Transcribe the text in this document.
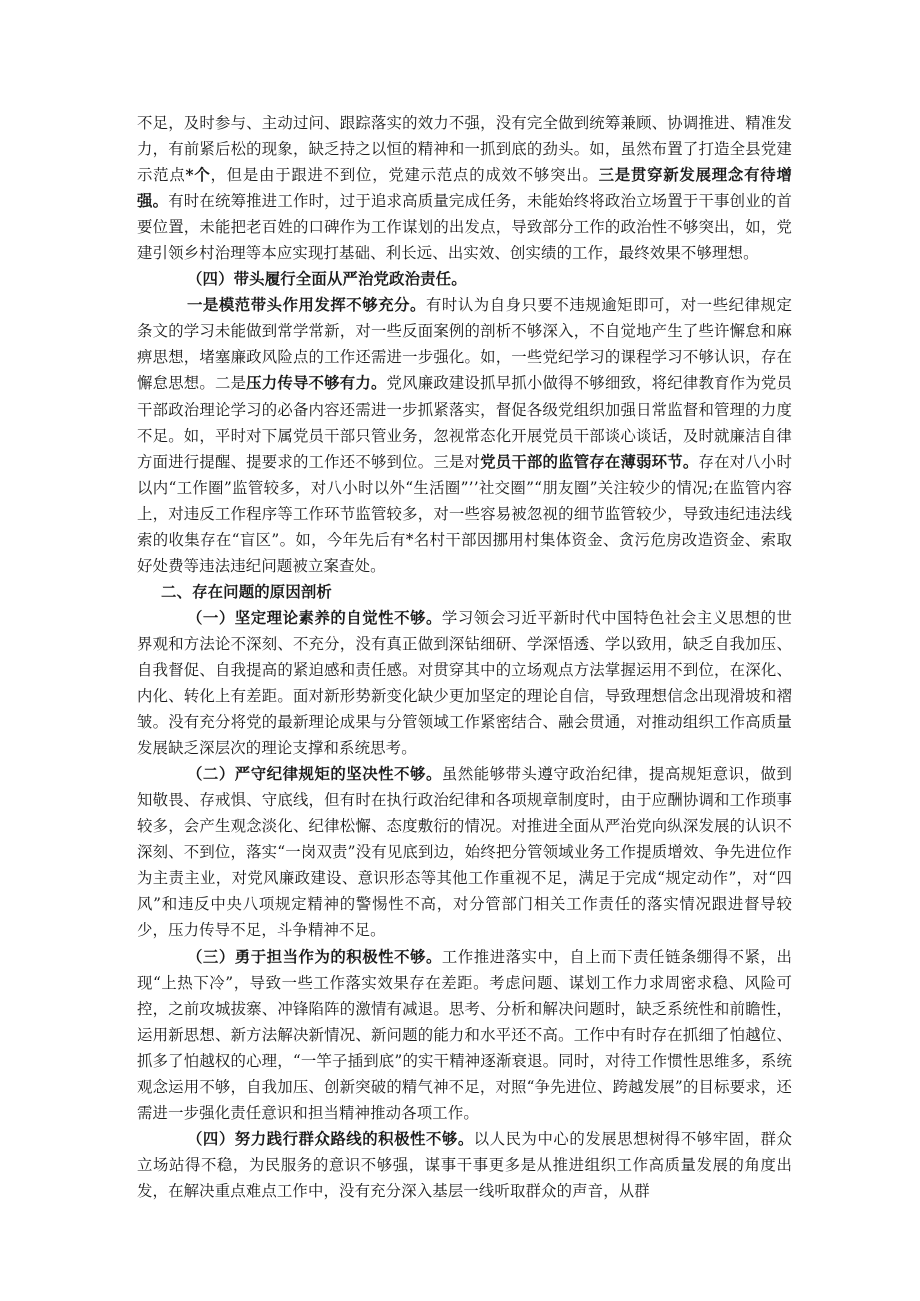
不足，及时参与、主动过问、跟踪落实的效力不强，没有完全做到统筹兼顾、协调推进、精准发力，有前紧后松的现象，缺乏持之以恒的精神和一抓到底的劲头。如，虽然布置了打造全县党建示范点*个，但是由于跟进不到位，党建示范点的成效不够突出。三是贯穿新发展理念有待增强。有时在统筹推进工作时，过于追求高质量完成任务，未能始终将政治立场置于干事创业的首要位置，未能把老百姓的口碑作为工作谋划的出发点，导致部分工作的政治性不够突出，如，党建引领乡村治理等本应实现打基础、利长远、出实效、创实绩的工作，最终效果不够理想。

（四）带头履行全面从严治党政治责任。

一是模范带头作用发挥不够充分。有时认为自身只要不违规逾矩即可，对一些纪律规定条文的学习未能做到常学常新，对一些反面案例的剖析不够深入，不自觉地产生了些许懈怠和麻痹思想，堵塞廉政风险点的工作还需进一步强化。如，一些党纪学习的课程学习不够认识，存在懈怠思想。二是压力传导不够有力。党风廉政建设抓早抓小做得不够细致，将纪律教育作为党员干部政治理论学习的必备内容还需进一步抓紧落实，督促各级党组织加强日常监督和管理的力度不足。如，平时对下属党员干部只管业务，忽视常态化开展党员干部谈心谈话，及时就廉洁自律方面进行提醒、提要求的工作还不够到位。三是对党员干部的监管存在薄弱环节。存在对八小时以内“工作圈”监管较多，对八小时以外“生活圈”’’社交圈”“朋友圈”关注较少的情况;在监管内容上，对违反工作程序等工作环节监管较多，对一些容易被忽视的细节监管较少，导致违纪违法线索的收集存在“盲区”。如，今年先后有*名村干部因挪用村集体资金、贪污危房改造资金、索取好处费等违法违纪问题被立案查处。

二、存在问题的原因剖析

（一）坚定理论素养的自觉性不够。学习领会习近平新时代中国特色社会主义思想的世界观和方法论不深刻、不充分，没有真正做到深钻细研、学深悟透、学以致用，缺乏自我加压、自我督促、自我提高的紧迫感和责任感。对贯穿其中的立场观点方法掌握运用不到位，在深化、内化、转化上有差距。面对新形势新变化缺少更加坚定的理论自信，导致理想信念出现滑坡和褶皱。没有充分将党的最新理论成果与分管领域工作紧密结合、融会贯通，对推动组织工作高质量发展缺乏深层次的理论支撑和系统思考。

（二）严守纪律规矩的坚决性不够。虽然能够带头遵守政治纪律，提高规矩意识，做到知敬畏、存戒惧、守底线，但有时在执行政治纪律和各项规章制度时，由于应酬协调和工作琐事较多，会产生观念淡化、纪律松懈、态度敷衍的情况。对推进全面从严治党向纵深发展的认识不深刻、不到位，落实“一岗双责”没有见底到边，始终把分管领域业务工作提质增效、争先进位作为主责主业，对党风廉政建设、意识形态等其他工作重视不足，满足于完成“规定动作”，对“四风”和违反中央八项规定精神的警惕性不高，对分管部门相关工作责任的落实情况跟进督导较少，压力传导不足，斗争精神不足。

（三）勇于担当作为的积极性不够。工作推进落实中，自上而下责任链条绷得不紧，出现“上热下冷”，导致一些工作落实效果存在差距。考虑问题、谋划工作力求周密求稳、风险可控，之前攻城拔寨、冲锋陷阵的激情有减退。思考、分析和解决问题时，缺乏系统性和前瞻性，运用新思想、新方法解决新情况、新问题的能力和水平还不高。工作中有时存在抓细了怕越位、抓多了怕越权的心理，“一竿子插到底”的实干精神逐渐衰退。同时，对待工作惯性思维多，系统观念运用不够，自我加压、创新突破的精气神不足，对照“争先进位、跨越发展”的目标要求，还需进一步强化责任意识和担当精神推动各项工作。

（四）努力践行群众路线的积极性不够。以人民为中心的发展思想树得不够牢固，群众立场站得不稳，为民服务的意识不够强，谋事干事更多是从推进组织工作高质量发展的角度出发，在解决重点难点工作中，没有充分深入基层一线听取群众的声音，从群
